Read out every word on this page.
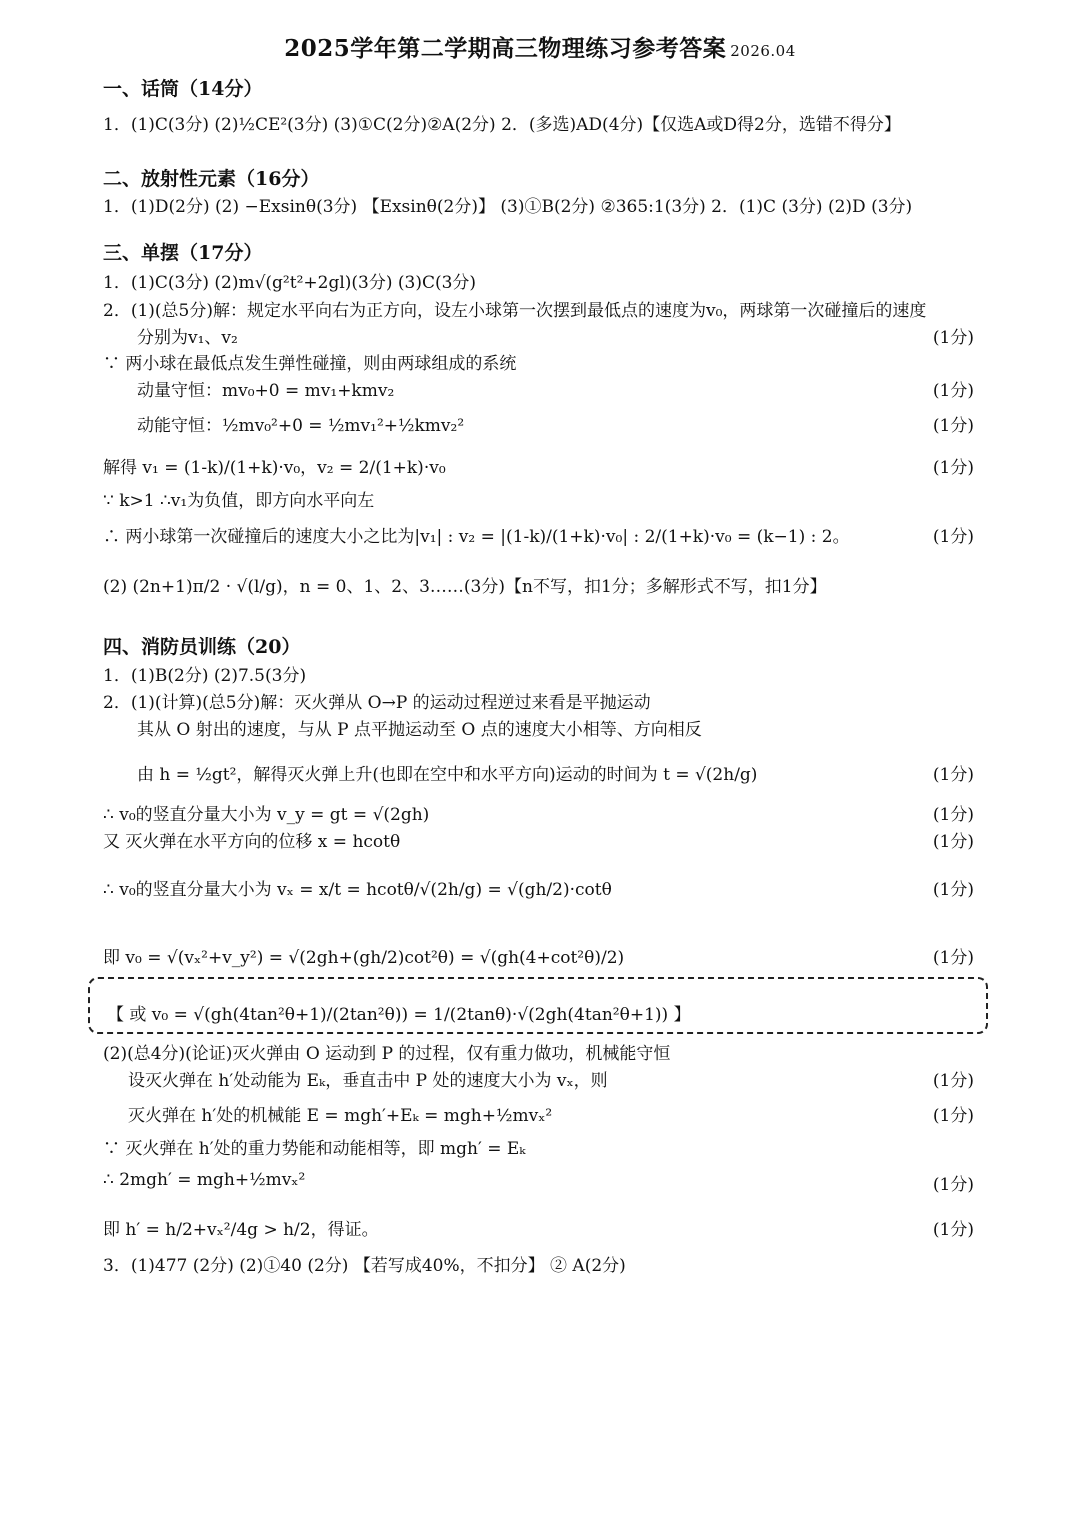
2025学年第二学期高三物理练习参考答案 2026.04
一、话筒（14分）
1．(1)C(3分) (2)½CE²(3分) (3)①C(2分)②A(2分) 2．(多选)AD(4分)【仅选A或D得2分，选错不得分】
二、放射性元素（16分）
1．(1)D(2分) (2) −Exsinθ(3分) 【Exsinθ(2分)】 (3)①B(2分) ②365:1(3分) 2．(1)C (3分) (2)D (3分)
三、单摆（17分）
1．(1)C(3分) (2)m√(g²t²+2gl)(3分) (3)C(3分)
2．(1)(总5分)解：规定水平向右为正方向，设左小球第一次摆到最低点的速度为v₀，两球第一次碰撞后的速度
分别为v₁、v₂	(1分)
∵ 两小球在最低点发生弹性碰撞，则由两球组成的系统
动量守恒：mv₀+0 = mv₁+kmv₂	(1分)
动能守恒：½mv₀²+0 = ½mv₁²+½kmv₂²	(1分)
解得 v₁ = (1-k)/(1+k)·v₀，v₂ = 2/(1+k)·v₀	(1分)
∵ k>1 ∴v₁为负值，即方向水平向左
∴ 两小球第一次碰撞后的速度大小之比为|v₁| : v₂ = |(1-k)/(1+k)·v₀| : 2/(1+k)·v₀ = (k−1) : 2。	(1分)
(2) (2n+1)π/2 · √(l/g)，n = 0、1、2、3……(3分)【n不写，扣1分；多解形式不写，扣1分】
四、消防员训练（20）
1．(1)B(2分) (2)7.5(3分)
2．(1)(计算)(总5分)解：灭火弹从 O→P 的运动过程逆过来看是平抛运动
其从 O 射出的速度，与从 P 点平抛运动至 O 点的速度大小相等、方向相反
由 h = ½gt²，解得灭火弹上升(也即在空中和水平方向)运动的时间为 t = √(2h/g)	(1分)
∴ v₀的竖直分量大小为 v_y = gt = √(2gh)	(1分)
又 灭火弹在水平方向的位移 x = hcotθ	(1分)
∴ v₀的竖直分量大小为 vₓ = x/t = hcotθ/√(2h/g) = √(gh/2)·cotθ	(1分)
即 v₀ = √(vₓ²+v_y²) = √(2gh+(gh/2)cot²θ) = √(gh(4+cot²θ)/2)	(1分)
【 或 v₀ = √(gh(4tan²θ+1)/(2tan²θ)) = 1/(2tanθ)·√(2gh(4tan²θ+1)) 】
(2)(总4分)(论证)灭火弹由 O 运动到 P 的过程，仅有重力做功，机械能守恒
设灭火弹在 h′处动能为 Eₖ，垂直击中 P 处的速度大小为 vₓ，则	(1分)
灭火弹在 h′处的机械能 E = mgh′+Eₖ = mgh+½mvₓ²	(1分)
∵ 灭火弹在 h′处的重力势能和动能相等，即 mgh′ = Eₖ
∴ 2mgh′ = mgh+½mvₓ²	(1分)
即 h′ = h/2+vₓ²/4g > h/2，得证。	(1分)
3．(1)477 (2分) (2)①40 (2分) 【若写成40%，不扣分】 ② A(2分)
